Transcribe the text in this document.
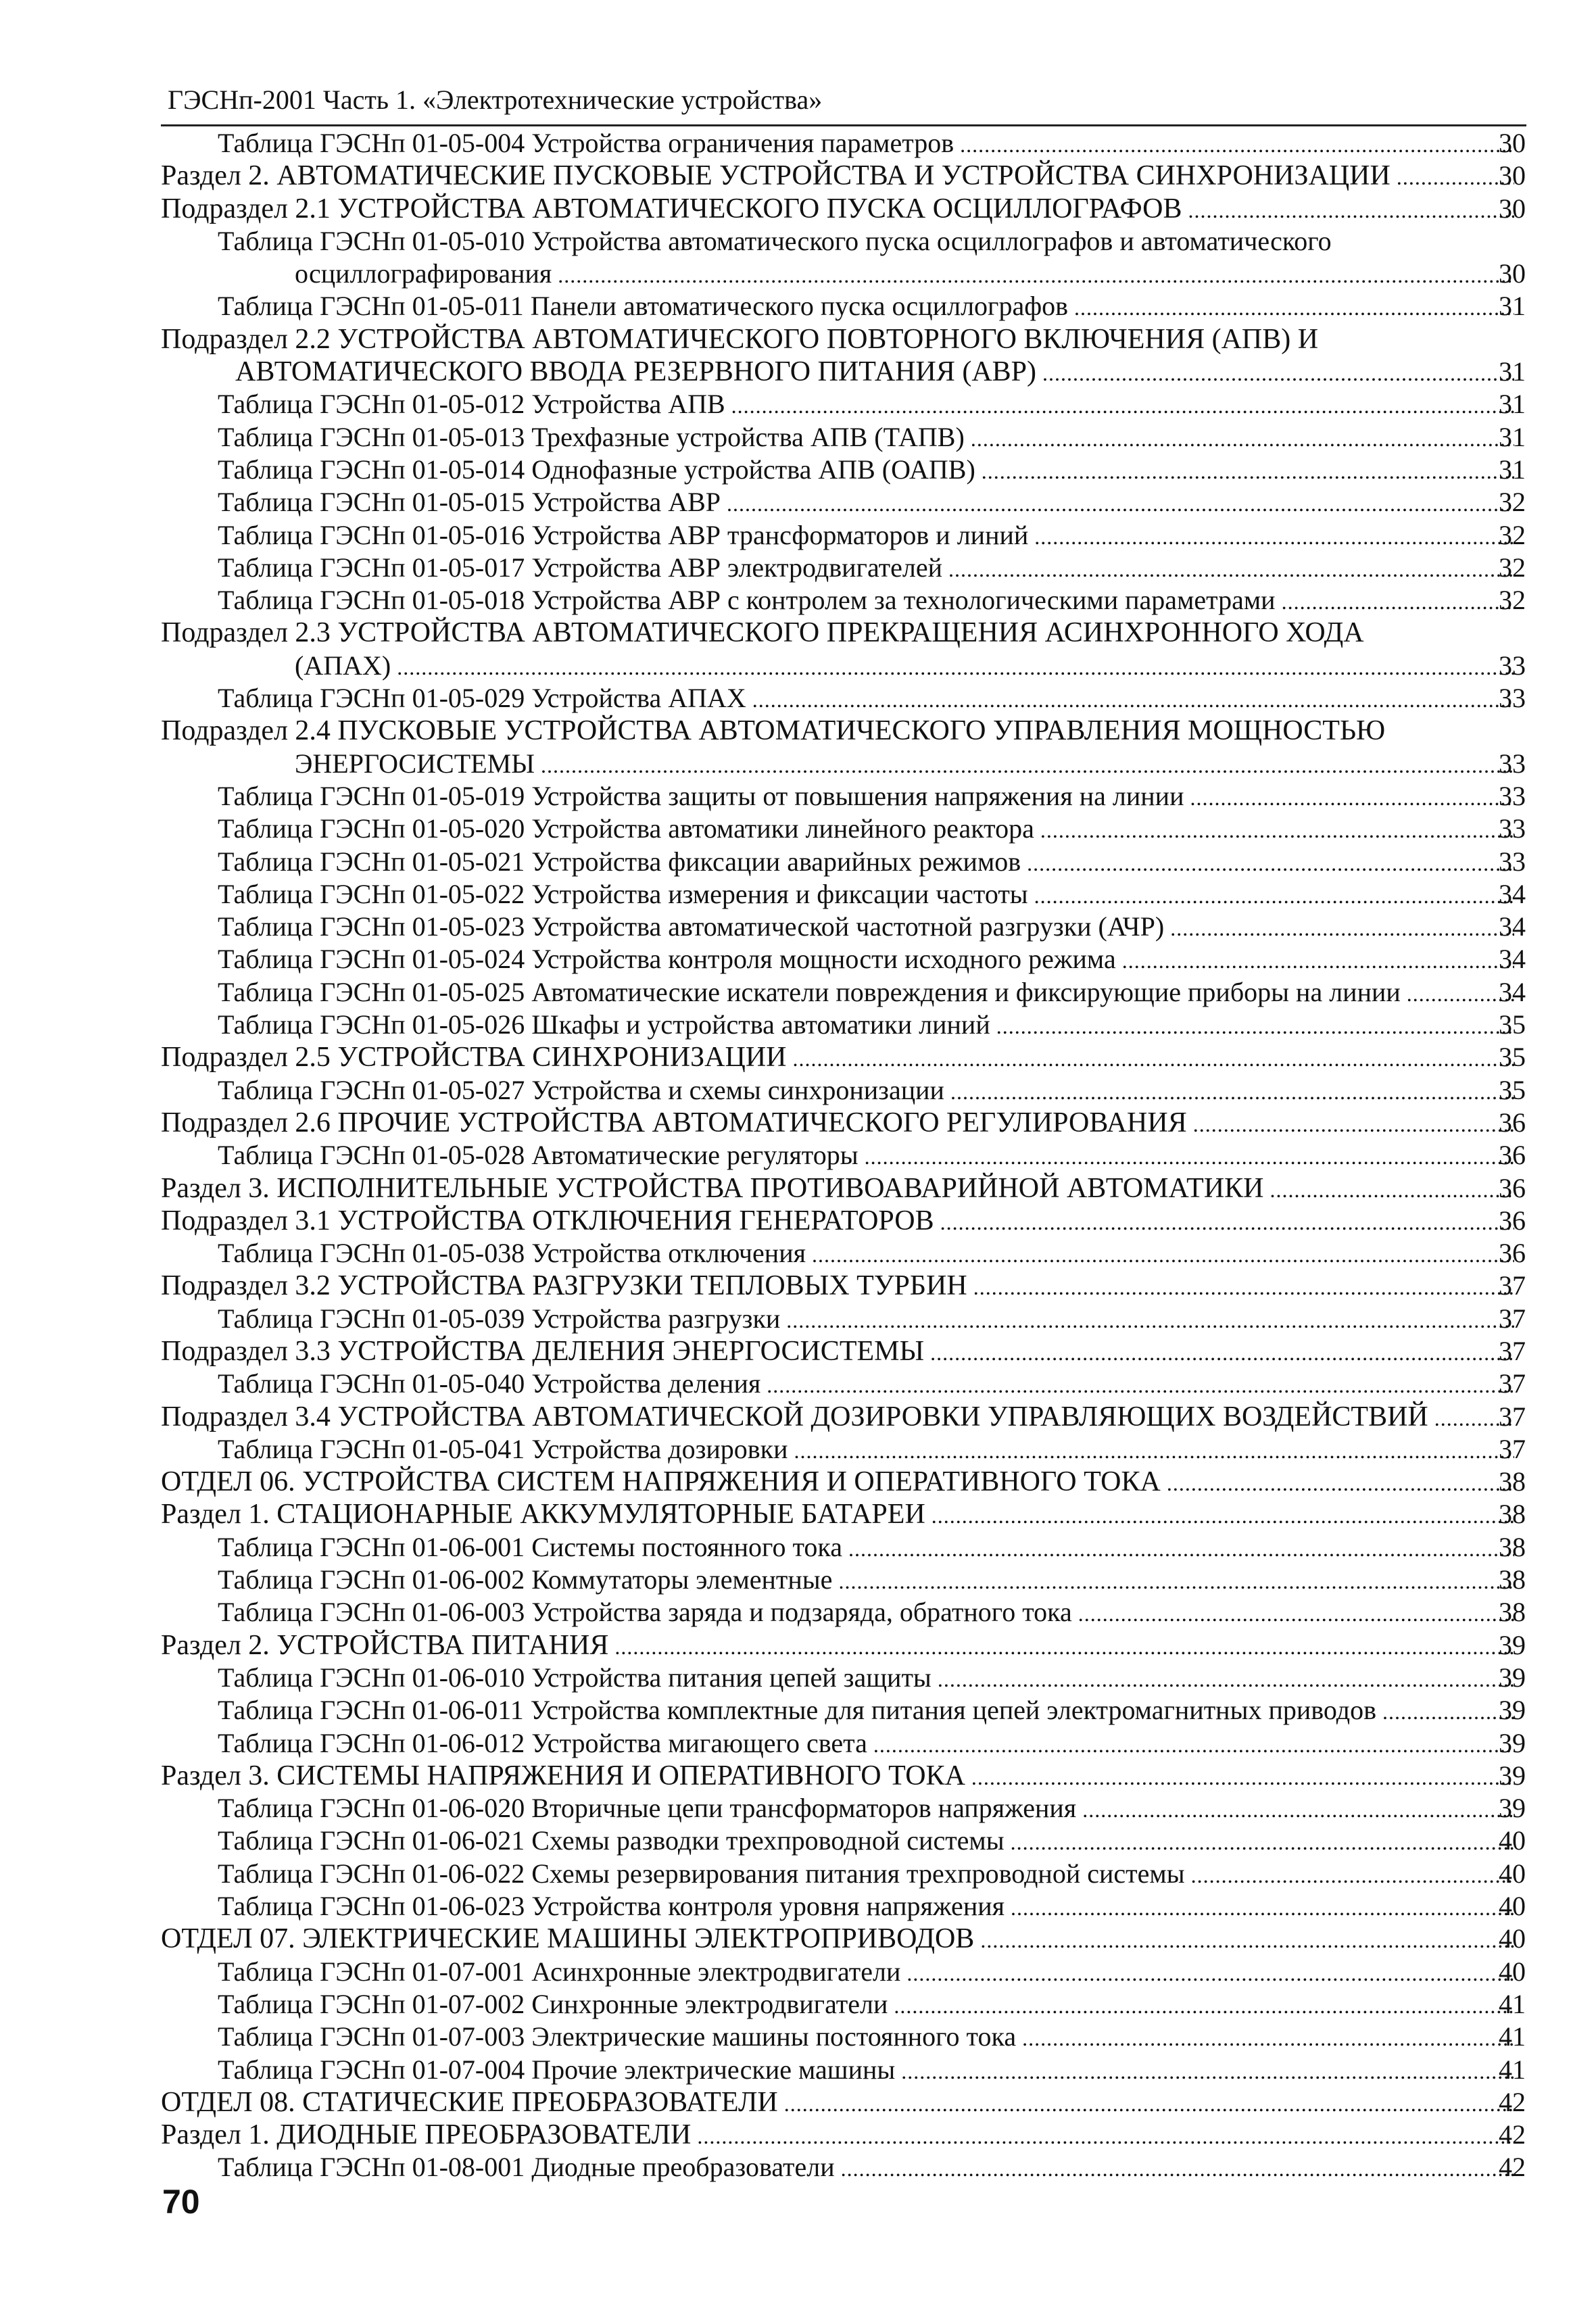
ГЭСНп-2001 Часть 1. «Электротехнические устройства»
Таблица ГЭСНп 01-05-004 Устройства ограничения параметров .....	30
Раздел 2. АВТОМАТИЧЕСКИЕ ПУСКОВЫЕ УСТРОЙСТВА И УСТРОЙСТВА СИНХРОНИЗАЦИИ .....	30
Подраздел 2.1 УСТРОЙСТВА АВТОМАТИЧЕСКОГО ПУСКА ОСЦИЛЛОГРАФОВ .....	30
Таблица ГЭСНп 01-05-010 Устройства автоматического пуска осциллографов и автоматического
осциллографирования .....	30
Таблица ГЭСНп 01-05-011 Панели автоматического пуска осциллографов .....	31
Подраздел 2.2 УСТРОЙСТВА АВТОМАТИЧЕСКОГО ПОВТОРНОГО ВКЛЮЧЕНИЯ (АПВ) И
АВТОМАТИЧЕСКОГО ВВОДА РЕЗЕРВНОГО ПИТАНИЯ (АВР) .....	31
Таблица ГЭСНп 01-05-012 Устройства АПВ .....	31
Таблица ГЭСНп 01-05-013 Трехфазные устройства АПВ (ТАПВ) .....	31
Таблица ГЭСНп 01-05-014 Однофазные устройства АПВ (ОАПВ) .....	31
Таблица ГЭСНп 01-05-015 Устройства АВР .....	32
Таблица ГЭСНп 01-05-016 Устройства АВР трансформаторов и линий .....	32
Таблица ГЭСНп 01-05-017 Устройства АВР электродвигателей .....	32
Таблица ГЭСНп 01-05-018 Устройства АВР с контролем за технологическими параметрами .....	32
Подраздел 2.3 УСТРОЙСТВА АВТОМАТИЧЕСКОГО ПРЕКРАЩЕНИЯ АСИНХРОННОГО ХОДА
(АПАХ) .....	33
Таблица ГЭСНп 01-05-029 Устройства АПАХ .....	33
Подраздел 2.4 ПУСКОВЫЕ УСТРОЙСТВА АВТОМАТИЧЕСКОГО УПРАВЛЕНИЯ МОЩНОСТЬЮ
ЭНЕРГОСИСТЕМЫ .....	33
Таблица ГЭСНп 01-05-019 Устройства защиты от повышения напряжения на линии .....	33
Таблица ГЭСНп 01-05-020 Устройства автоматики линейного реактора .....	33
Таблица ГЭСНп 01-05-021 Устройства фиксации аварийных режимов .....	33
Таблица ГЭСНп 01-05-022 Устройства измерения и фиксации частоты .....	34
Таблица ГЭСНп 01-05-023 Устройства автоматической частотной разгрузки (АЧР) .....	34
Таблица ГЭСНп 01-05-024 Устройства контроля мощности исходного режима .....	34
Таблица ГЭСНп 01-05-025 Автоматические искатели повреждения и фиксирующие приборы на линии .....	34
Таблица ГЭСНп 01-05-026 Шкафы и устройства автоматики линий .....	35
Подраздел 2.5 УСТРОЙСТВА СИНХРОНИЗАЦИИ .....	35
Таблица ГЭСНп 01-05-027 Устройства и схемы синхронизации .....	35
Подраздел 2.6 ПРОЧИЕ УСТРОЙСТВА АВТОМАТИЧЕСКОГО РЕГУЛИРОВАНИЯ .....	36
Таблица ГЭСНп 01-05-028 Автоматические регуляторы .....	36
Раздел 3. ИСПОЛНИТЕЛЬНЫЕ УСТРОЙСТВА ПРОТИВОАВАРИЙНОЙ АВТОМАТИКИ .....	36
Подраздел 3.1 УСТРОЙСТВА ОТКЛЮЧЕНИЯ ГЕНЕРАТОРОВ .....	36
Таблица ГЭСНп 01-05-038 Устройства отключения .....	36
Подраздел 3.2 УСТРОЙСТВА РАЗГРУЗКИ ТЕПЛОВЫХ ТУРБИН .....	37
Таблица ГЭСНп 01-05-039 Устройства разгрузки .....	37
Подраздел 3.3 УСТРОЙСТВА ДЕЛЕНИЯ ЭНЕРГОСИСТЕМЫ .....	37
Таблица ГЭСНп 01-05-040 Устройства деления .....	37
Подраздел 3.4 УСТРОЙСТВА АВТОМАТИЧЕСКОЙ ДОЗИРОВКИ УПРАВЛЯЮЩИХ ВОЗДЕЙСТВИЙ .....	37
Таблица ГЭСНп 01-05-041 Устройства дозировки .....	37
ОТДЕЛ 06. УСТРОЙСТВА СИСТЕМ НАПРЯЖЕНИЯ И ОПЕРАТИВНОГО ТОКА .....	38
Раздел 1. СТАЦИОНАРНЫЕ АККУМУЛЯТОРНЫЕ БАТАРЕИ .....	38
Таблица ГЭСНп 01-06-001 Системы постоянного тока .....	38
Таблица ГЭСНп 01-06-002 Коммутаторы элементные .....	38
Таблица ГЭСНп 01-06-003 Устройства заряда и подзаряда, обратного тока .....	38
Раздел 2. УСТРОЙСТВА ПИТАНИЯ .....	39
Таблица ГЭСНп 01-06-010 Устройства питания цепей защиты .....	39
Таблица ГЭСНп 01-06-011 Устройства комплектные для питания цепей электромагнитных приводов .....	39
Таблица ГЭСНп 01-06-012 Устройства мигающего света .....	39
Раздел 3. СИСТЕМЫ НАПРЯЖЕНИЯ И ОПЕРАТИВНОГО ТОКА .....	39
Таблица ГЭСНп 01-06-020 Вторичные цепи трансформаторов напряжения .....	39
Таблица ГЭСНп 01-06-021 Схемы разводки трехпроводной системы .....	40
Таблица ГЭСНп 01-06-022 Схемы резервирования питания трехпроводной системы .....	40
Таблица ГЭСНп 01-06-023 Устройства контроля уровня напряжения .....	40
ОТДЕЛ 07. ЭЛЕКТРИЧЕСКИЕ МАШИНЫ ЭЛЕКТРОПРИВОДОВ .....	40
Таблица ГЭСНп 01-07-001 Асинхронные электродвигатели .....	40
Таблица ГЭСНп 01-07-002 Синхронные электродвигатели .....	41
Таблица ГЭСНп 01-07-003 Электрические машины постоянного тока .....	41
Таблица ГЭСНп 01-07-004 Прочие электрические машины .....	41
ОТДЕЛ 08. СТАТИЧЕСКИЕ ПРЕОБРАЗОВАТЕЛИ .....	42
Раздел 1. ДИОДНЫЕ ПРЕОБРАЗОВАТЕЛИ .....	42
Таблица ГЭСНп 01-08-001 Диодные преобразователи .....	42
70
